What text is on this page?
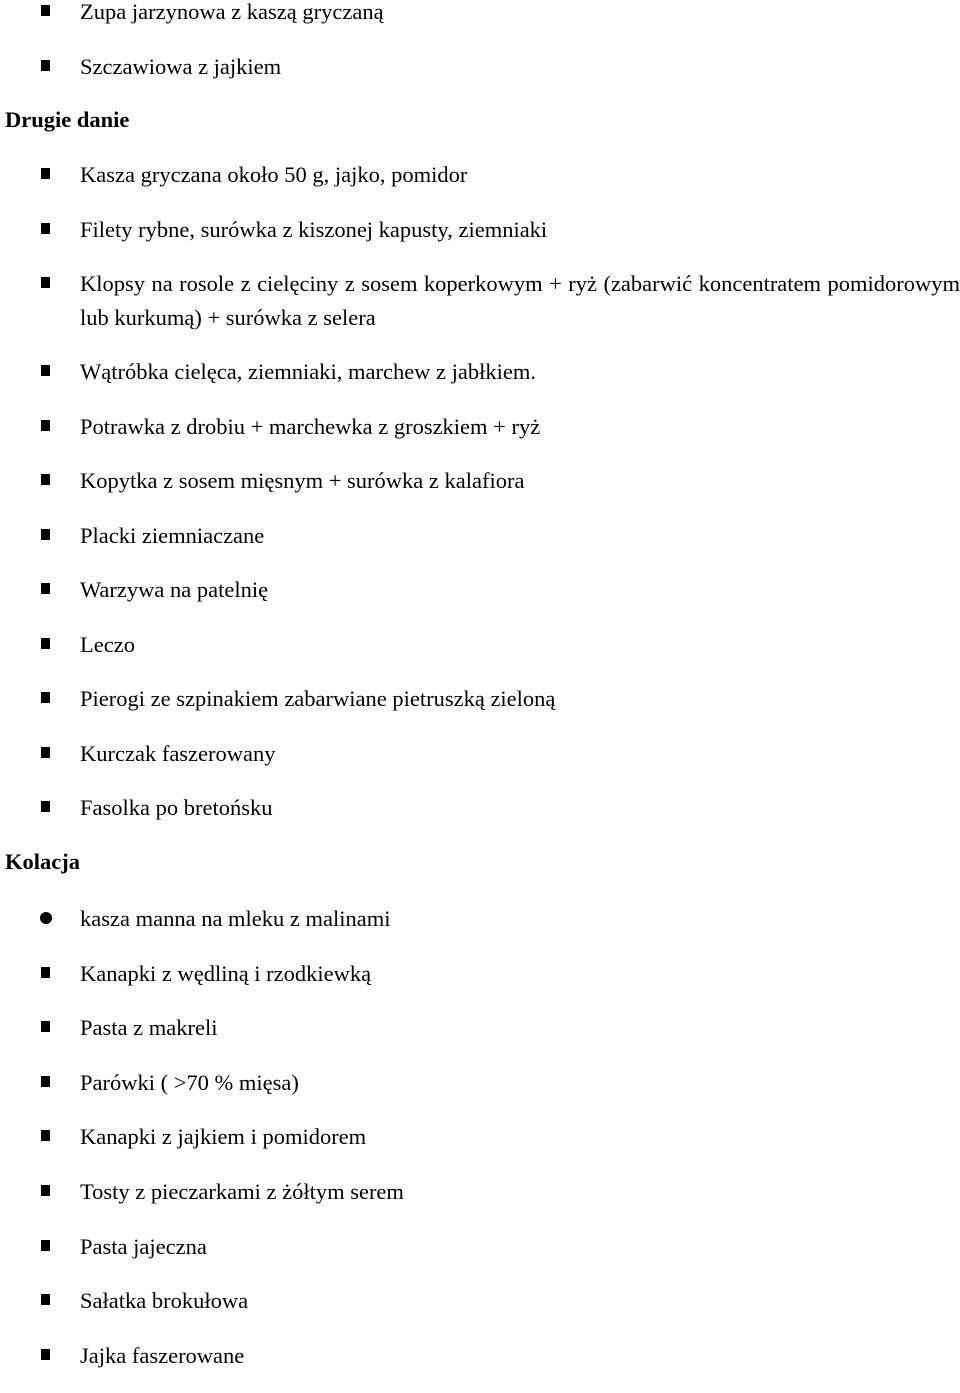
Zupa jarzynowa z kaszą gryczaną
Szczawiowa z jajkiem
Drugie danie
Kasza gryczana około 50 g, jajko, pomidor
Filety rybne, surówka z kiszonej kapusty, ziemniaki
Klopsy na rosole z cielęciny z sosem koperkowym + ryż (zabarwić koncentratem pomidorowym lub kurkumą) + surówka z selera
Wątróbka cielęca, ziemniaki, marchew z jabłkiem.
Potrawka z drobiu + marchewka z groszkiem + ryż
Kopytka z sosem mięsnym + surówka z kalafiora
Placki ziemniaczane
Warzywa na patelnię
Leczo
Pierogi ze szpinakiem zabarwiane pietruszką zieloną
Kurczak faszerowany
Fasolka po bretońsku
Kolacja
kasza manna na mleku z malinami
Kanapki z wędliną i rzodkiewką
Pasta z makreli
Parówki ( >70 % mięsa)
Kanapki z jajkiem i pomidorem
Tosty z pieczarkami z żółtym serem
Pasta jajeczna
Sałatka brokułowa
Jajka faszerowane
